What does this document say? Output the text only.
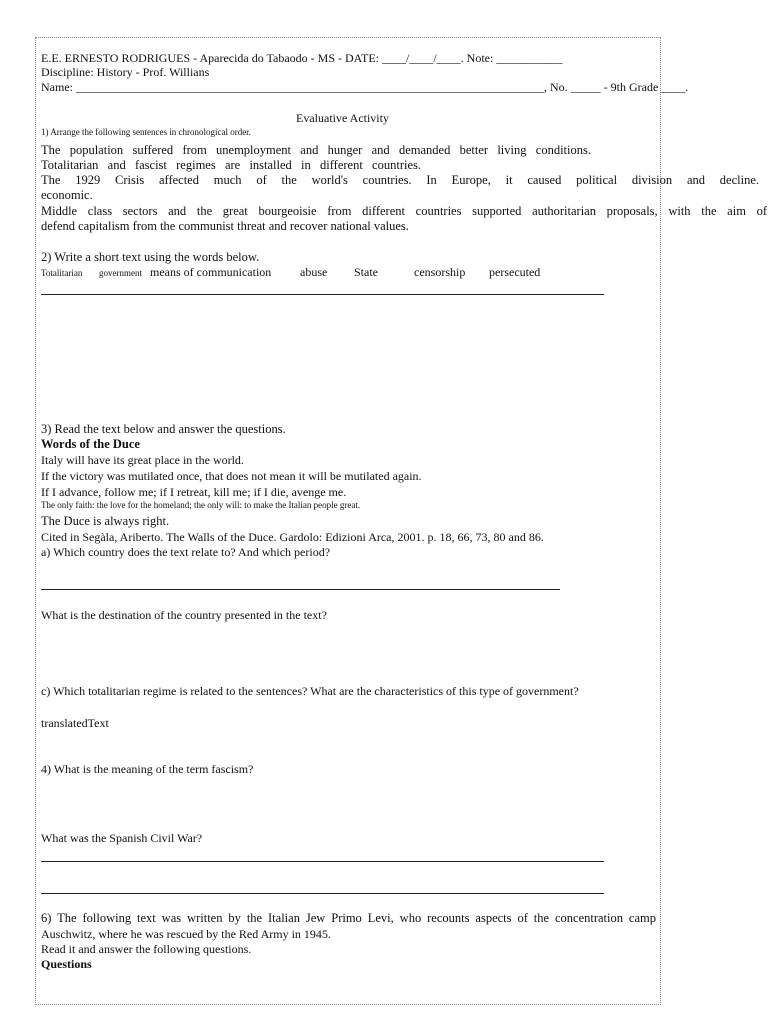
E.E. ERNESTO RODRIGUES - Aparecida do Tabaodo - MS - DATE: ____/____/____. Note: ___________
Discipline: History - Prof. Willians
Name: ______________________________________________________________________________, No. _____ - 9th Grade ____.
Evaluative Activity
1) Arrange the following sentences in chronological order.
The population suffered from unemployment and hunger and demanded better living conditions.
Totalitarian and fascist regimes are installed in different countries.
The 1929 Crisis affected much of the world's countries. In Europe, it caused political division and decline.
economic.
Middle class sectors and the great bourgeoisie from different countries supported authoritarian proposals, with the aim of
defend capitalism from the communist threat and recover national values.
2) Write a short text using the words below.
Totalitarian government means of communication abuse State	censorship persecuted
3) Read the text below and answer the questions.
Words of the Duce
Italy will have its great place in the world.
If the victory was mutilated once, that does not mean it will be mutilated again.
If I advance, follow me; if I retreat, kill me; if I die, avenge me.
The only faith: the love for the homeland; the only will: to make the Italian people great.
The Duce is always right.
Cited in Segàla, Ariberto. The Walls of the Duce. Gardolo: Edizioni Arca, 2001. p. 18, 66, 73, 80 and 86.
a) Which country does the text relate to? And which period?
What is the destination of the country presented in the text?
c) Which totalitarian regime is related to the sentences? What are the characteristics of this type of government?
translatedText
4) What is the meaning of the term fascism?
What was the Spanish Civil War?
6) The following text was written by the Italian Jew Primo Levi, who recounts aspects of the concentration camp
Auschwitz, where he was rescued by the Red Army in 1945.
Read it and answer the following questions.
Questions
